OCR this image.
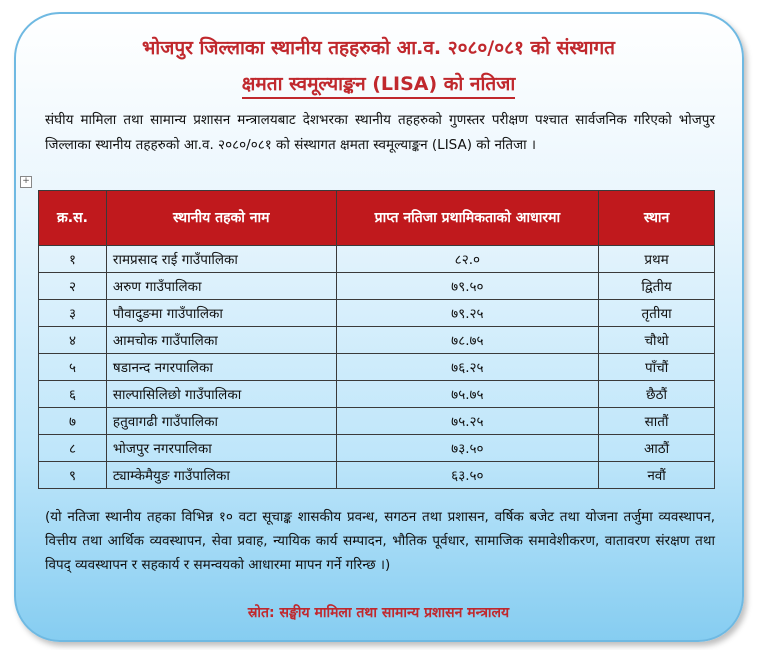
भोजपुर जिल्लाका स्थानीय तहहरुको आ.व. २०८०/०८१ को संस्थागत
क्षमता स्वमूल्याङ्कन (LISA) को नतिजा
संघीय मामिला तथा सामान्य प्रशासन मन्त्रालयबाट देशभरका स्थानीय तहहरुको गुणस्तर परीक्षण पश्चात सार्वजनिक गरिएको भोजपुर जिल्लाका स्थानीय तहहरुको आ.व. २०८०/०८१ को संस्थागत क्षमता स्वमूल्याङ्कन (LISA) को नतिजा ।
+
क्र.स.	स्थानीय तहको नाम	प्राप्त नतिजा प्रथामिकताको आधारमा	स्थान
१	रामप्रसाद राई गाउँपालिका	८२.०	प्रथम
२	अरुण गाउँपालिका	७९.५०	द्वितीय
३	पौवादुङमा गाउँपालिका	७९.२५	तृतीया
४	आमचोक गाउँपालिका	७८.७५	चौथो
५	षडानन्द नगरपालिका	७६.२५	पाँचौं
६	साल्पासिलिछो गाउँपालिका	७५.७५	छैठौं
७	हतुवागढी गाउँपालिका	७५.२५	सातौं
८	भोजपुर नगरपालिका	७३.५०	आठौं
९	ट्याम्केमैयुङ गाउँपालिका	६३.५०	नवौं
(यो नतिजा स्थानीय तहका विभिन्न १० वटा सूचाङ्क शासकीय प्रवन्ध, सगठन तथा प्रशासन, वर्षिक बजेट तथा योजना तर्जुमा व्यवस्थापन, वित्तीय तथा आर्थिक व्यवस्थापन, सेवा प्रवाह, न्यायिक कार्य सम्पादन, भौतिक पूर्वधार, सामाजिक समावेशीकरण, वातावरण संरक्षण तथा विपद् व्यवस्थापन र सहकार्य र समन्वयको आधारमा मापन गर्ने गरिन्छ ।)
स्रोत: सङ्घीय मामिला तथा सामान्य प्रशासन मन्त्रालय
